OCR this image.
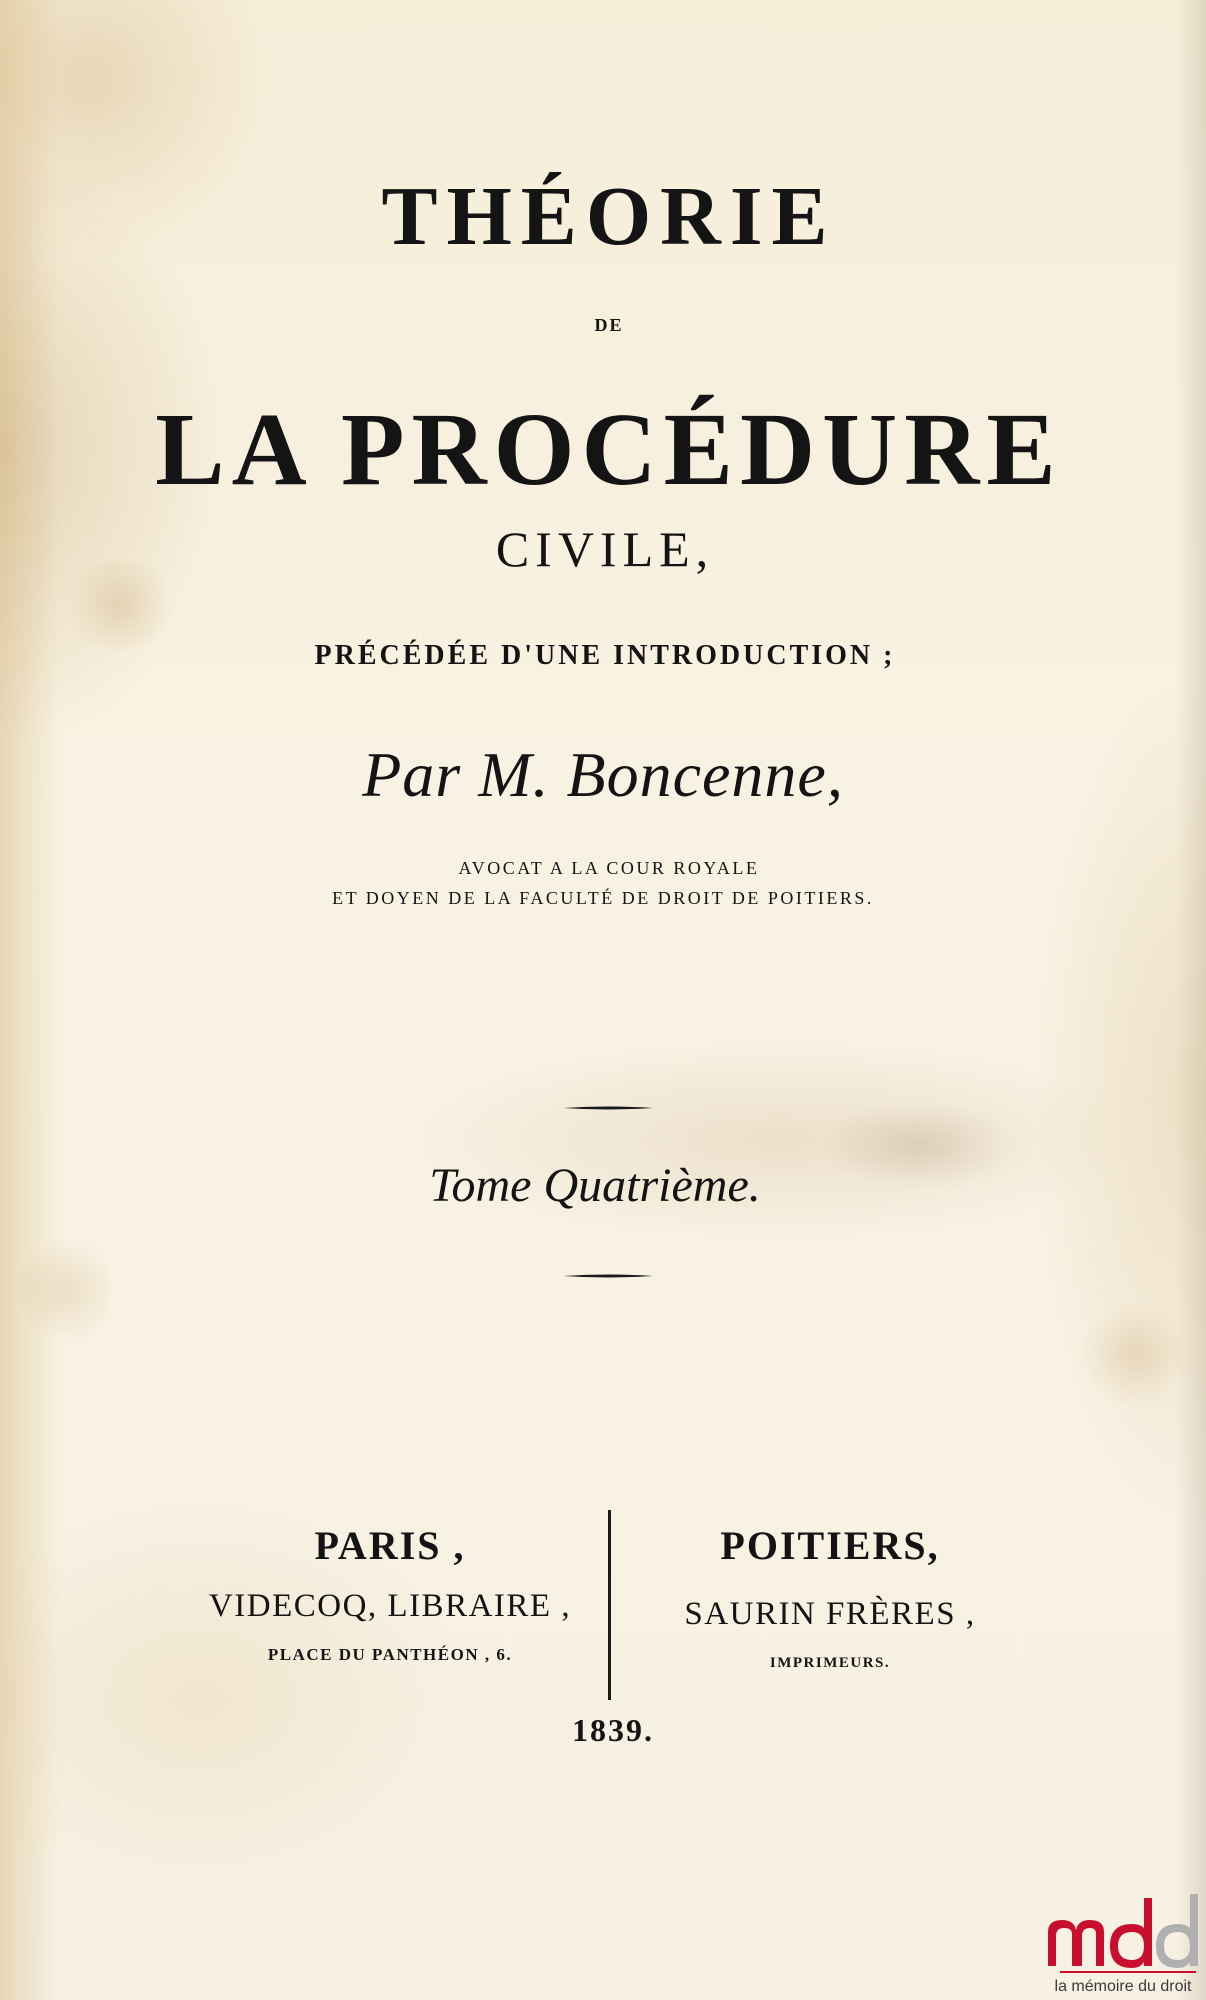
THÉORIE
DE
LA PROCÉDURE
CIVILE,
PRÉCÉDÉE D'UNE INTRODUCTION ;
Par M. Boncenne,
AVOCAT A LA COUR ROYALE
ET DOYEN DE LA FACULTÉ DE DROIT DE POITIERS.
Tome Quatrième.
PARIS ,
VIDECOQ, LIBRAIRE ,
PLACE DU PANTHÉON , 6.
POITIERS,
SAURIN FRÈRES ,
IMPRIMEURS.
1839.
la mémoire du droit
